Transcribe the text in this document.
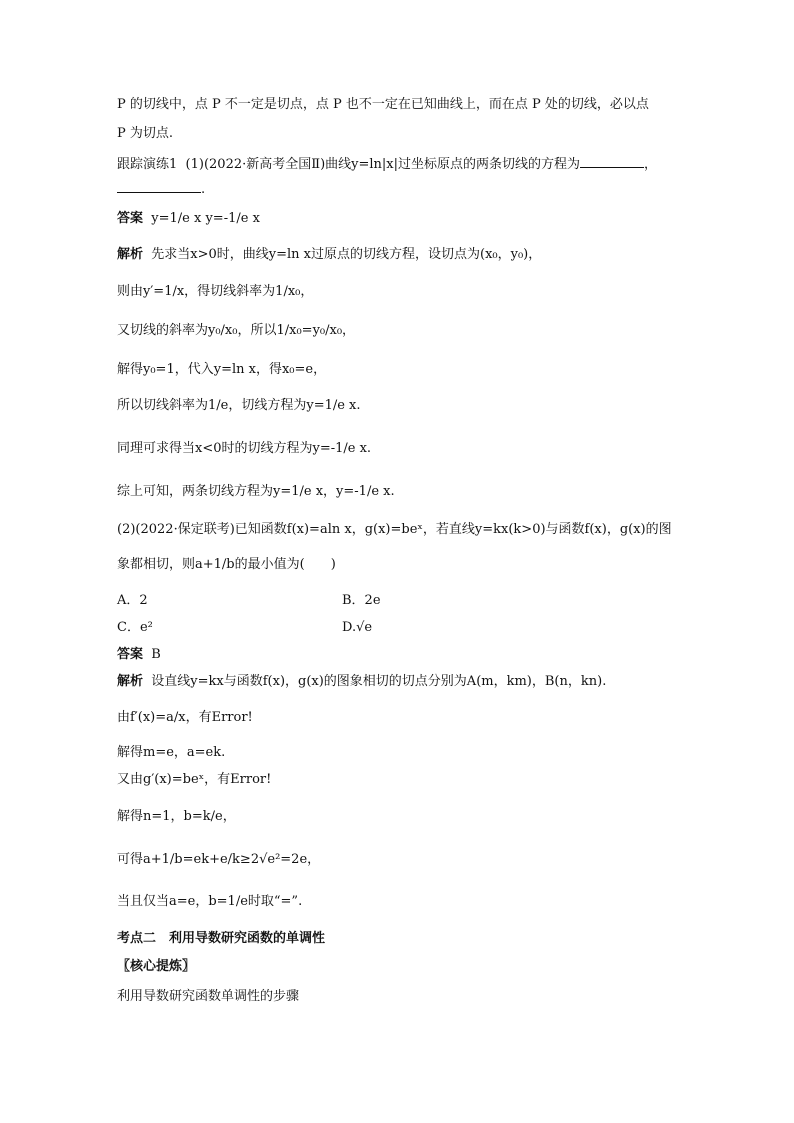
P 的切线中，点 P 不一定是切点，点 P 也不一定在已知曲线上，而在点 P 处的切线，必以点
P 为切点.
跟踪演练1 (1)(2022·新高考全国Ⅱ)曲线y=ln|x|过坐标原点的两条切线的方程为	，
.
答案 y=1/e x y=-1/e x
解析 先求当x>0时，曲线y=ln x过原点的切线方程，设切点为(x₀，y₀)，
则由y′=1/x，得切线斜率为1/x₀，
又切线的斜率为y₀/x₀，所以1/x₀=y₀/x₀，
解得y₀=1，代入y=ln x，得x₀=e，
所以切线斜率为1/e，切线方程为y=1/e x.
同理可求得当x<0时的切线方程为y=-1/e x.
综上可知，两条切线方程为y=1/e x，y=-1/e x.
(2)(2022·保定联考)已知函数f(x)=aln x，g(x)=beˣ，若直线y=kx(k>0)与函数f(x)，g(x)的图
象都相切，则a+1/b的最小值为(　　)
A．2	B．2e
C．e²	D.√e
答案 B
解析 设直线y=kx与函数f(x)，g(x)的图象相切的切点分别为A(m，km)，B(n，kn).
由f′(x)=a/x，有Error!
解得m=e，a=ek.
又由g′(x)=beˣ，有Error!
解得n=1，b=k/e，
可得a+1/b=ek+e/k≥2√e²=2e，
当且仅当a=e，b=1/e时取“=”.
考点二　利用导数研究函数的单调性
〖核心提炼〗
利用导数研究函数单调性的步骤
